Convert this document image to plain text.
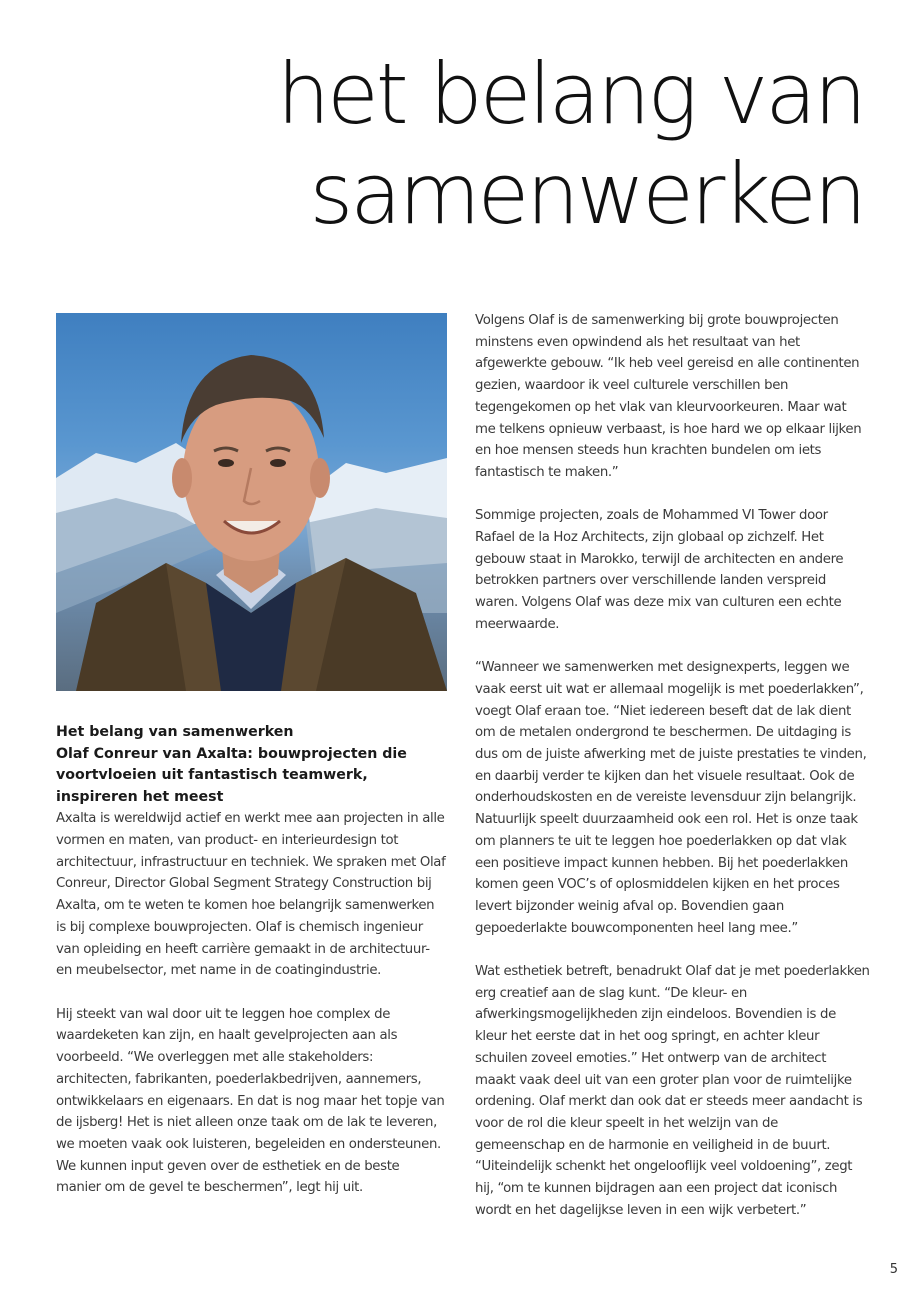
het belang van
samenwerken
Het belang van samenwerken
Olaf Conreur van Axalta: bouwprojecten die voortvloeien uit fantastisch teamwerk, inspireren het meest

Axalta is wereldwijd actief en werkt mee aan projecten in alle vormen en maten, van product- en interieurdesign tot architectuur, infrastructuur en techniek. We spraken met Olaf Conreur, Director Global Segment Strategy Construction bij Axalta, om te weten te komen hoe belangrijk samenwerken is bij complexe bouwprojecten. Olaf is chemisch ingenieur van opleiding en heeft carrière gemaakt in de architectuur- en meubelsector, met name in de coatingindustrie.

Hij steekt van wal door uit te leggen hoe complex de waardeketen kan zijn, en haalt gevelprojecten aan als voorbeeld. “We overleggen met alle stakeholders: architecten, fabrikanten, poederlakbedrijven, aannemers, ontwikkelaars en eigenaars. En dat is nog maar het topje van de ijsberg! Het is niet alleen onze taak om de lak te leveren, we moeten vaak ook luisteren, begeleiden en ondersteunen. We kunnen input geven over de esthetiek en de beste manier om de gevel te beschermen”, legt hij uit.

Volgens Olaf is de samenwerking bij grote bouwprojecten minstens even opwindend als het resultaat van het afgewerkte gebouw. “Ik heb veel gereisd en alle continenten gezien, waardoor ik veel culturele verschillen ben tegengekomen op het vlak van kleurvoorkeuren. Maar wat me telkens opnieuw verbaast, is hoe hard we op elkaar lijken en hoe mensen steeds hun krachten bundelen om iets fantastisch te maken.”

Sommige projecten, zoals de Mohammed VI Tower door Rafael de la Hoz Architects, zijn globaal op zichzelf. Het gebouw staat in Marokko, terwijl de architecten en andere betrokken partners over verschillende landen verspreid waren. Volgens Olaf was deze mix van culturen een echte meerwaarde.

“Wanneer we samenwerken met designexperts, leggen we vaak eerst uit wat er allemaal mogelijk is met poederlakken”, voegt Olaf eraan toe. “Niet iedereen beseft dat de lak dient om de metalen ondergrond te beschermen. De uitdaging is dus om de juiste afwerking met de juiste prestaties te vinden, en daarbij verder te kijken dan het visuele resultaat. Ook de onderhoudskosten en de vereiste levensduur zijn belangrijk. Natuurlijk speelt duurzaamheid ook een rol. Het is onze taak om planners te uit te leggen hoe poederlakken op dat vlak een positieve impact kunnen hebben. Bij het poederlakken komen geen VOC’s of oplosmiddelen kijken en het proces levert bijzonder weinig afval op. Bovendien gaan gepoederlakte bouwcomponenten heel lang mee.”

Wat esthetiek betreft, benadrukt Olaf dat je met poederlakken erg creatief aan de slag kunt. “De kleur- en afwerkingsmogelijkheden zijn eindeloos. Bovendien is de kleur het eerste dat in het oog springt, en achter kleur schuilen zoveel emoties.” Het ontwerp van de architect maakt vaak deel uit van een groter plan voor de ruimtelijke ordening. Olaf merkt dan ook dat er steeds meer aandacht is voor de rol die kleur speelt in het welzijn van de gemeenschap en de harmonie en veiligheid in de buurt. “Uiteindelijk schenkt het ongelooflijk veel voldoening”, zegt hij, “om te kunnen bijdragen aan een project dat iconisch wordt en het dagelijkse leven in een wijk verbetert.”

5
